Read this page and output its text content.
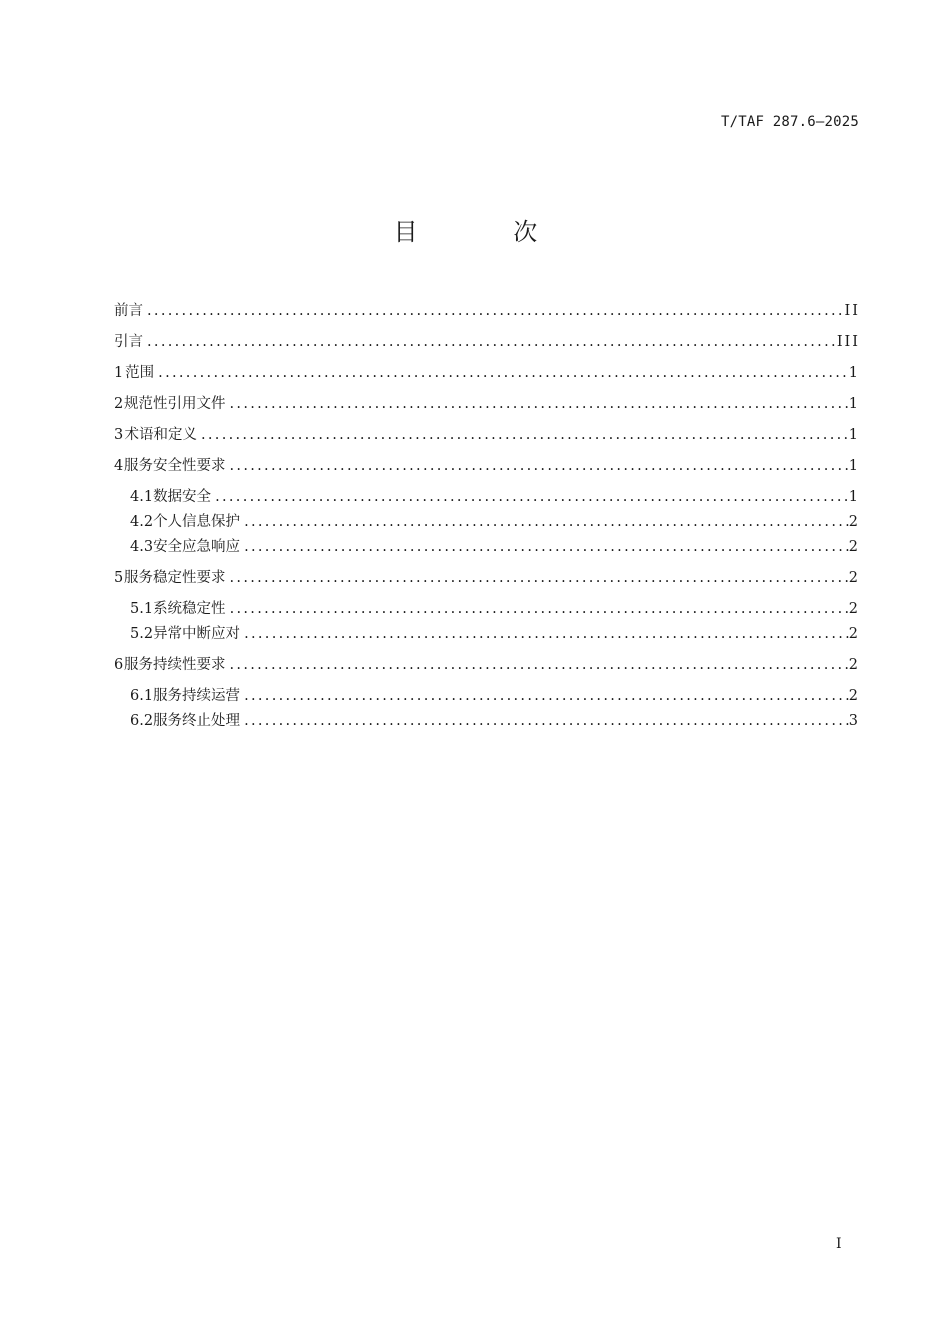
T/TAF 287.6—2025
目 次
前言 .....	II
引言 .....	III
1 范围 .....	1
2 规范性引用文件 .....	1
3 术语和定义 .....	1
4 服务安全性要求 .....	1
4.1 数据安全 .....	1
4.2 个人信息保护 .....	2
4.3 安全应急响应 .....	2
5 服务稳定性要求 .....	2
5.1 系统稳定性 .....	2
5.2 异常中断应对 .....	2
6 服务持续性要求 .....	2
6.1 服务持续运营 .....	2
6.2 服务终止处理 .....	3
I
